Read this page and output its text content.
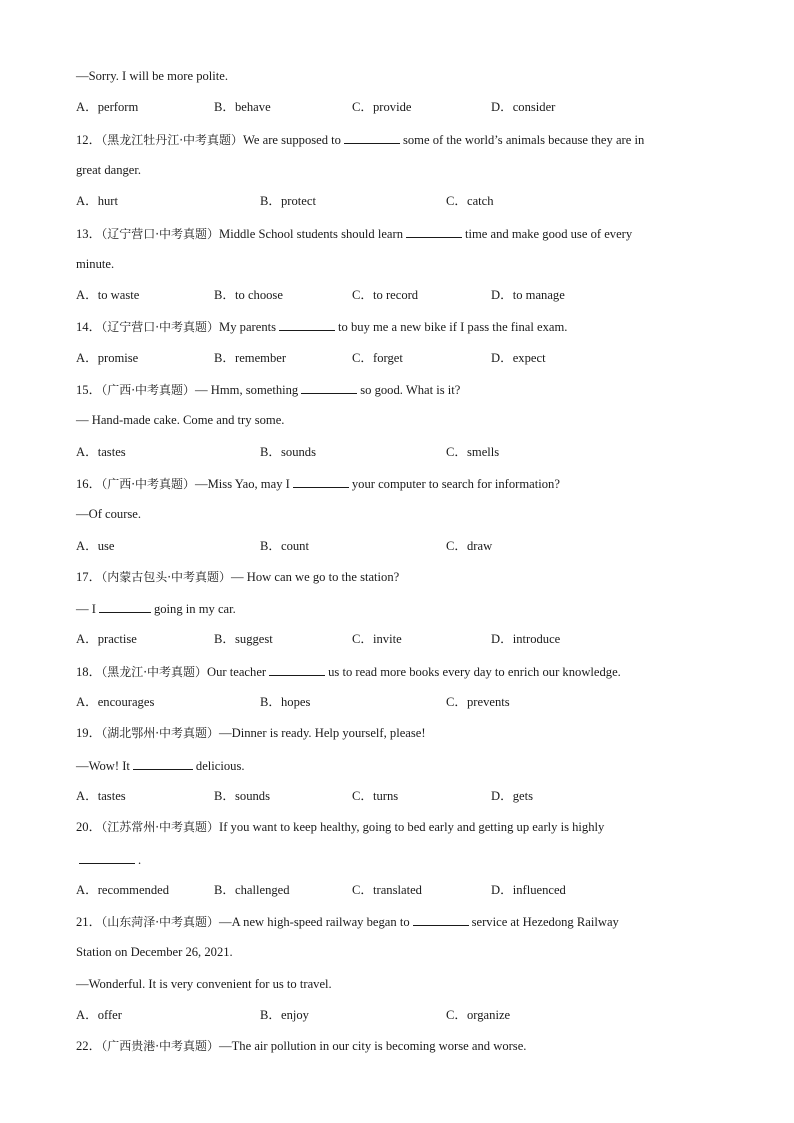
—Sorry. I will be more polite.
A．perform	B．behave	C．provide	D．consider
12．（黑龙江牡丹江·中考真题）We are supposed to	some of the world’s animals because they are in
great danger.
A．hurt	B．protect	C．catch
13．（辽宁营口·中考真题）Middle School students should learn	time and make good use of every
minute.
A．to waste	B．to choose	C．to record	D．to manage
14．（辽宁营口·中考真题）My parents	to buy me a new bike if I pass the final exam.
A．promise	B．remember	C．forget	D．expect
15．（广西·中考真题）— Hmm, something	so good. What is it?
— Hand-made cake. Come and try some.
A．tastes	B．sounds	C．smells
16．（广西·中考真题）—Miss Yao, may I	your computer to search for information?
—Of course.
A．use	B．count	C．draw
17．（内蒙古包头·中考真题）— How can we go to the station?
— I	going in my car.
A．practise	B．suggest	C．invite	D．introduce
18．（黑龙江·中考真题）Our teacher	us to read more books every day to enrich our knowledge.
A．encourages	B．hopes	C．prevents
19．（湖北鄂州·中考真题）—Dinner is ready. Help yourself, please!
—Wow! It	delicious.
A．tastes	B．sounds	C．turns	D．gets
20．（江苏常州·中考真题）If you want to keep healthy, going to bed early and getting up early is highly
.
A．recommended	B．challenged	C．translated	D．influenced
21．（山东菏泽·中考真题）—A new high-speed railway began to	service at Hezedong Railway
Station on December 26, 2021.
—Wonderful. It is very convenient for us to travel.
A．offer	B．enjoy	C．organize
22．（广西贵港·中考真题）—The air pollution in our city is becoming worse and worse.
